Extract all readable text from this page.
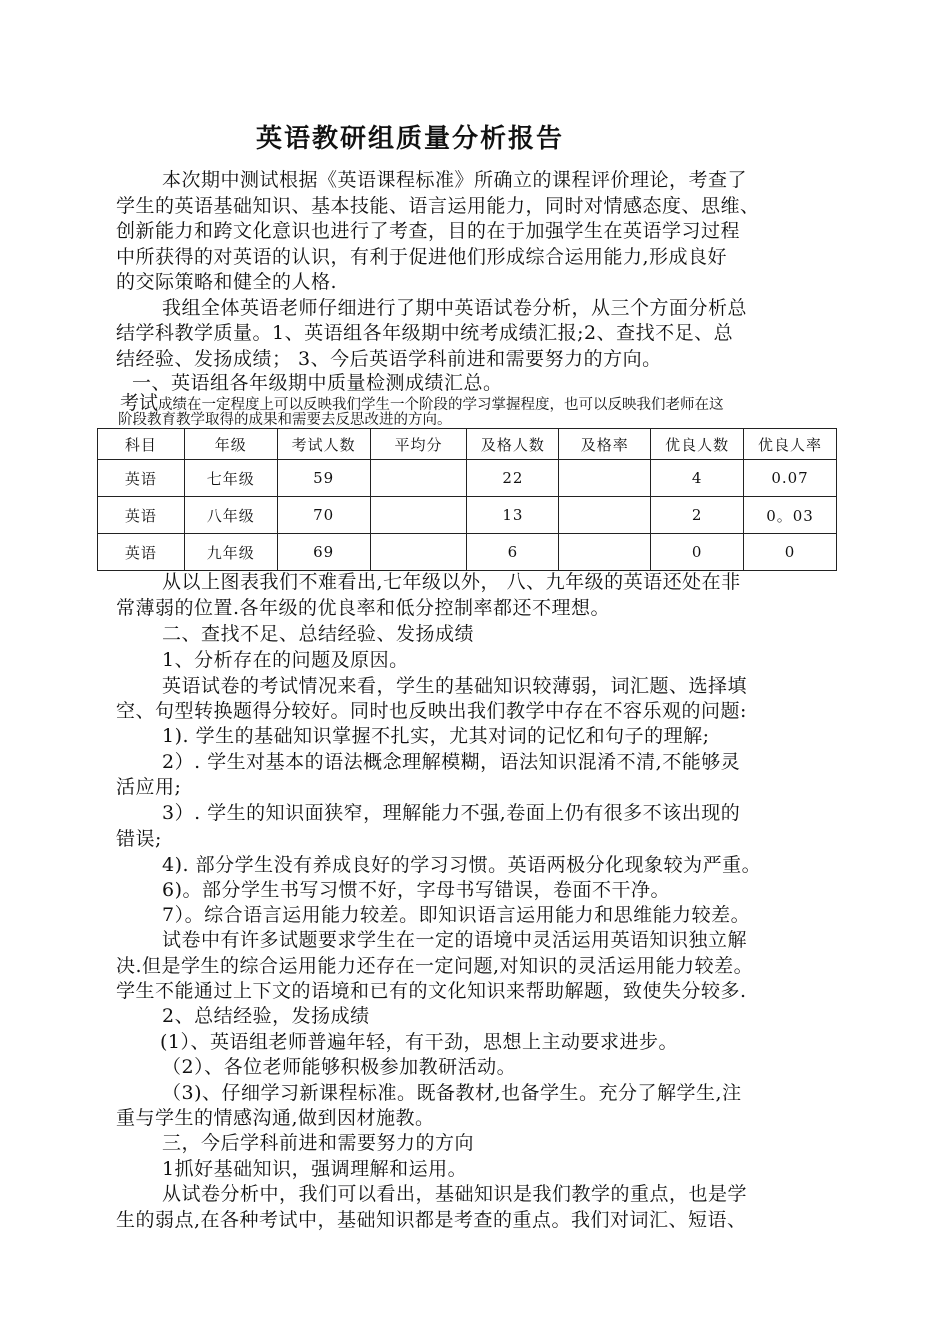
英语教研组质量分析报告
本次期中测试根据《英语课程标准》所确立的课程评价理论，考查了
学生的英语基础知识、基本技能、语言运用能力，同时对情感态度、思维、
创新能力和跨文化意识也进行了考查，目的在于加强学生在英语学习过程
中所获得的对英语的认识，有利于促进他们形成综合运用能力,形成良好
的交际策略和健全的人格.
我组全体英语老师仔细进行了期中英语试卷分析，从三个方面分析总
结学科教学质量。1、英语组各年级期中统考成绩汇报;2、查找不足、总
结经验、发扬成绩； 3、今后英语学科前进和需要努力的方向。
一、英语组各年级期中质量检测成绩汇总。
考试成绩在一定程度上可以反映我们学生一个阶段的学习掌握程度，也可以反映我们老师在这
阶段教育教学取得的成果和需要去反思改进的方向。
科目	年级	考试人数	平均分	及格人数	及格率	优良人数	优良人率
英语	七年级	59		22		4	0.07
英语	八年级	70		13		2	0。03
英语	九年级	69		6		0	0
从以上图表我们不难看出,七年级以外， 八、九年级的英语还处在非
常薄弱的位置.各年级的优良率和低分控制率都还不理想。
二、查找不足、总结经验、发扬成绩
1、分析存在的问题及原因。
英语试卷的考试情况来看，学生的基础知识较薄弱，词汇题、选择填
空、句型转换题得分较好。同时也反映出我们教学中存在不容乐观的问题:
1). 学生的基础知识掌握不扎实，尤其对词的记忆和句子的理解;
2）. 学生对基本的语法概念理解模糊，语法知识混淆不清,不能够灵
活应用;
3）. 学生的知识面狭窄，理解能力不强,卷面上仍有很多不该出现的
错误;
4). 部分学生没有养成良好的学习习惯。英语两极分化现象较为严重。
6)。部分学生书写习惯不好，字母书写错误，卷面不干净。
7）。综合语言运用能力较差。即知识语言运用能力和思维能力较差。
试卷中有许多试题要求学生在一定的语境中灵活运用英语知识独立解
决.但是学生的综合运用能力还存在一定问题,对知识的灵活运用能力较差。
学生不能通过上下文的语境和已有的文化知识来帮助解题，致使失分较多.
2、总结经验，发扬成绩
(1）、英语组老师普遍年轻，有干劲，思想上主动要求进步。
（2）、各位老师能够积极参加教研活动。
（3)、仔细学习新课程标准。既备教材,也备学生。充分了解学生,注
重与学生的情感沟通,做到因材施教。
三，今后学科前进和需要努力的方向
1抓好基础知识，强调理解和运用。
从试卷分析中，我们可以看出，基础知识是我们教学的重点，也是学
生的弱点,在各种考试中，基础知识都是考查的重点。我们对词汇、短语、
